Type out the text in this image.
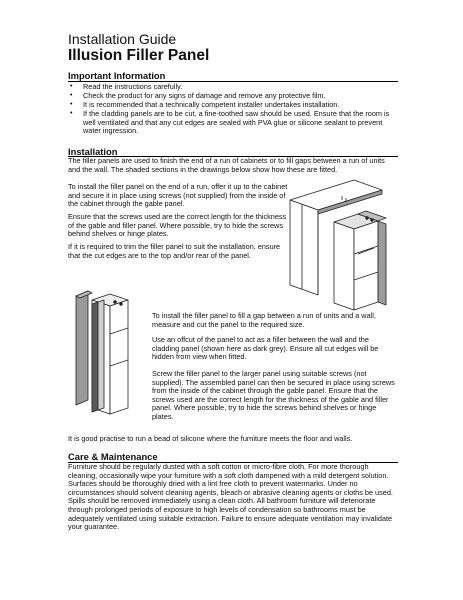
Installation Guide
Illusion Filler Panel
Important Information
• Read the instructions carefully.
• Check the product for any signs of damage and remove any protective film.
• It is recommended that a technically competent installer undertakes installation.
• If the cladding panels are to be cut, a fine-toothed saw should be used. Ensure that the room is well ventilated and that any cut edges are sealed with PVA glue or silicone sealant to prevent water ingression.
Installation

The filler panels are used to finish the end of a run of cabinets or to fill gaps between a run of units and the wall. The shaded sections in the drawings below show how these are fitted.

To install the filler panel on the end of a run, offer it up to the cabinet and secure it in place using screws (not supplied) from the inside of the cabinet through the gable panel.

Ensure that the screws used are the correct length for the thickness of the gable and filler panel. Where possible, try to hide the screws behind shelves or hinge plates.

If it is required to trim the filler panel to suit the installation, ensure that the cut edges are to the top and/or rear of the panel.

To install the filler panel to fill a gap between a run of units and a wall, measure and cut the panel to the required size.

Use an offcut of the panel to act as a filler between the wall and the cladding panel (shown here as dark grey). Ensure all cut edges will be hidden from view when fitted.

Screw the filler panel to the larger panel using suitable screws (not supplied). The assembled panel can then be secured in place using screws from the inside of the cabinet through the gable panel. Ensure that the screws used are the correct length for the thickness of the gable and filler panel. Where possible, try to hide the screws behind shelves or hinge plates.

It is good practise to run a bead of silicone where the furniture meets the floor and walls.

Care & Maintenance

Furniture should be regularly dusted with a soft cotton or micro-fibre cloth. For more thorough cleaning, occasionally wipe your furniture with a soft cloth dampened with a mild detergent solution. Surfaces should be thoroughly dried with a lint free cloth to prevent watermarks. Under no circumstances should solvent cleaning agents, bleach or abrasive cleaning agents or cloths be used. Spills should be removed immediately using a clean cloth. All bathroom furniture will deteriorate through prolonged periods of exposure to high levels of condensation so bathrooms must be adequately ventilated using suitable extraction. Failure to ensure adequate ventilation may invalidate your guarantee.
